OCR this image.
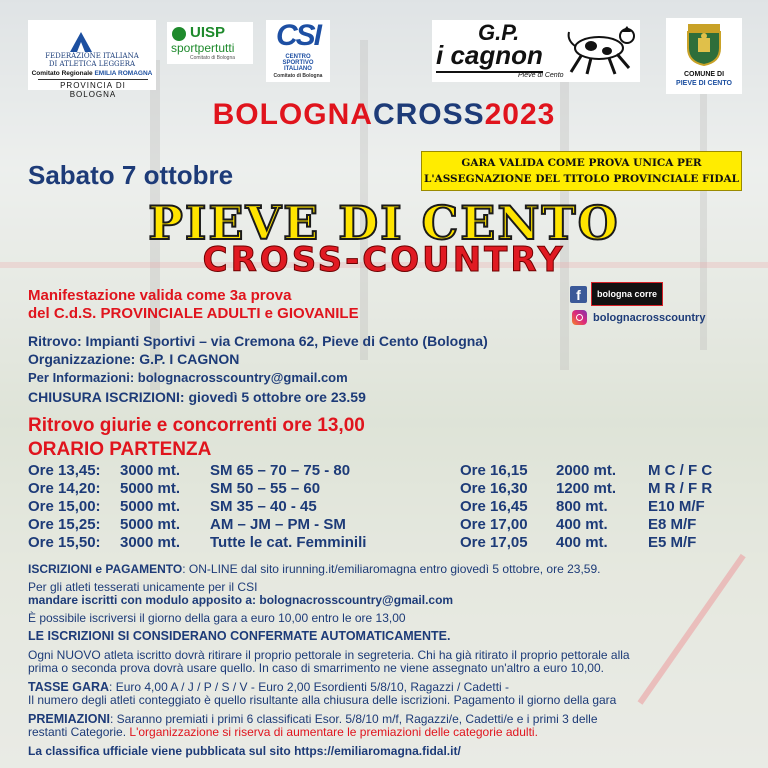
FEDERAZIONE ITALIANA
DI ATLETICA LEGGERA
Comitato Regionale EMILIA ROMAGNA
PROVINCIA DI BOLOGNA
UISP
sportpertutti
Comitato di Bologna
CSI
CENTRO
SPORTIVO
ITALIANO
Comitato di Bologna
G.P.
i cagnon
Pieve di Cento	COMUNE DI
PIEVE DI CENTO
BOLOGNACROSS2023
Sabato 7 ottobre	GARA VALIDA COME PROVA UNICA PER
L'ASSEGNAZIONE DEL TITOLO PROVINCIALE FIDAL
PIEVE DI CENTO
CROSS-COUNTRY
Manifestazione valida come 3a prova
del C.d.S. PROVINCIALE ADULTI e GIOVANILE
f	bologna corre
bolognacrosscountry
Ritrovo: Impianti Sportivi – via Cremona 62, Pieve di Cento (Bologna)
Organizzazione: G.P. I CAGNON
Per Informazioni: bolognacrosscountry@gmail.com
CHIUSURA ISCRIZIONI: giovedì 5 ottobre ore 23.59
Ritrovo giurie e concorrenti ore 13,00
ORARIO PARTENZA
Ore 13,45: 3000 mt. SM 65 – 70 – 75 - 80
Ore 14,20: 5000 mt. SM 50 – 55 – 60
Ore 15,00: 5000 mt. SM 35 – 40 - 45
Ore 15,25: 5000 mt. AM – JM – PM - SM
Ore 15,50: 3000 mt. Tutte le cat. Femminili
Ore 16,15 2000 mt. M C / F C
Ore 16,30 1200 mt. M R / F R
Ore 16,45 800 mt.	E10 M/F
Ore 17,00 400 mt.	E8 M/F
Ore 17,05 400 mt.	E5 M/F
ISCRIZIONI e PAGAMENTO: ON-LINE dal sito irunning.it/emiliaromagna entro giovedì 5 ottobre, ore 23,59.
Per gli atleti tesserati unicamente per il CSI
mandare iscritti con modulo apposito a: bolognacrosscountry@gmail.com
È possibile iscriversi il giorno della gara a euro 10,00 entro le ore 13,00
LE ISCRIZIONI SI CONSIDERANO CONFERMATE AUTOMATICAMENTE.
Ogni NUOVO atleta iscritto dovrà ritirare il proprio pettorale in segreteria. Chi ha già ritirato il proprio pettorale alla
prima o seconda prova dovrà usare quello. In caso di smarrimento ne viene assegnato un'altro a euro 10,00.
TASSE GARA: Euro 4,00 A / J / P / S / V - Euro 2,00 Esordienti 5/8/10, Ragazzi / Cadetti -
Il numero degli atleti conteggiato è quello risultante alla chiusura delle iscrizioni. Pagamento il giorno della gara
PREMIAZIONI: Saranno premiati i primi 6 classificati Esor. 5/8/10 m/f, Ragazzi/e, Cadetti/e e i primi 3 delle
restanti Categorie. L'organizzazione si riserva di aumentare le premiazioni delle categorie adulti.
La classifica ufficiale viene pubblicata sul sito https://emiliaromagna.fidal.it/
